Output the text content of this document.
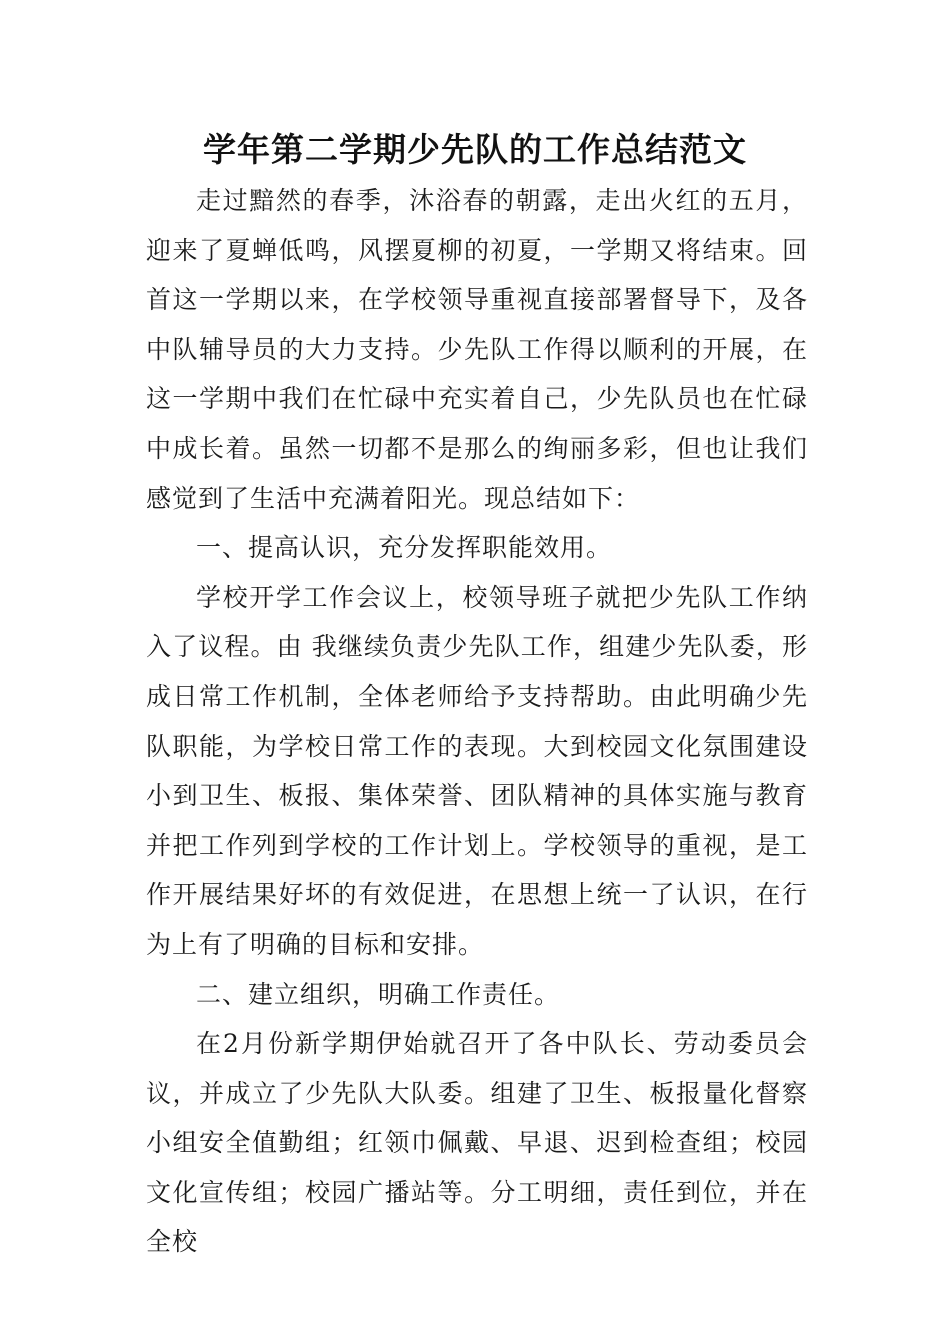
学年第二学期少先队的工作总结范文

走过黯然的春季，沐浴春的朝露，走出火红的五月，迎来了夏蝉低鸣，风摆夏柳的初夏，一学期又将结束。回首这一学期以来，在学校领导重视直接部署督导下，及各中队辅导员的大力支持。少先队工作得以顺利的开展，在这一学期中我们在忙碌中充实着自己，少先队员也在忙碌中成长着。虽然一切都不是那么的绚丽多彩，但也让我们感觉到了生活中充满着阳光。现总结如下：

一、提高认识，充分发挥职能效用。

学校开学工作会议上，校领导班子就把少先队工作纳入了议程。由 我继续负责少先队工作，组建少先队委，形成日常工作机制，全体老师给予支持帮助。由此明确少先队职能，为学校日常工作的表现。大到校园文化氛围建设小到卫生、板报、集体荣誉、团队精神的具体实施与教育并把工作列到学校的工作计划上。学校领导的重视，是工作开展结果好坏的有效促进，在思想上统一了认识，在行为上有了明确的目标和安排。

二、建立组织，明确工作责任。

在2月份新学期伊始就召开了各中队长、劳动委员会议，并成立了少先队大队委。组建了卫生、板报量化督察小组安全值勤组；红领巾佩戴、早退、迟到检查组；校园文化宣传组；校园广播站等。分工明细，责任到位，并在全校
